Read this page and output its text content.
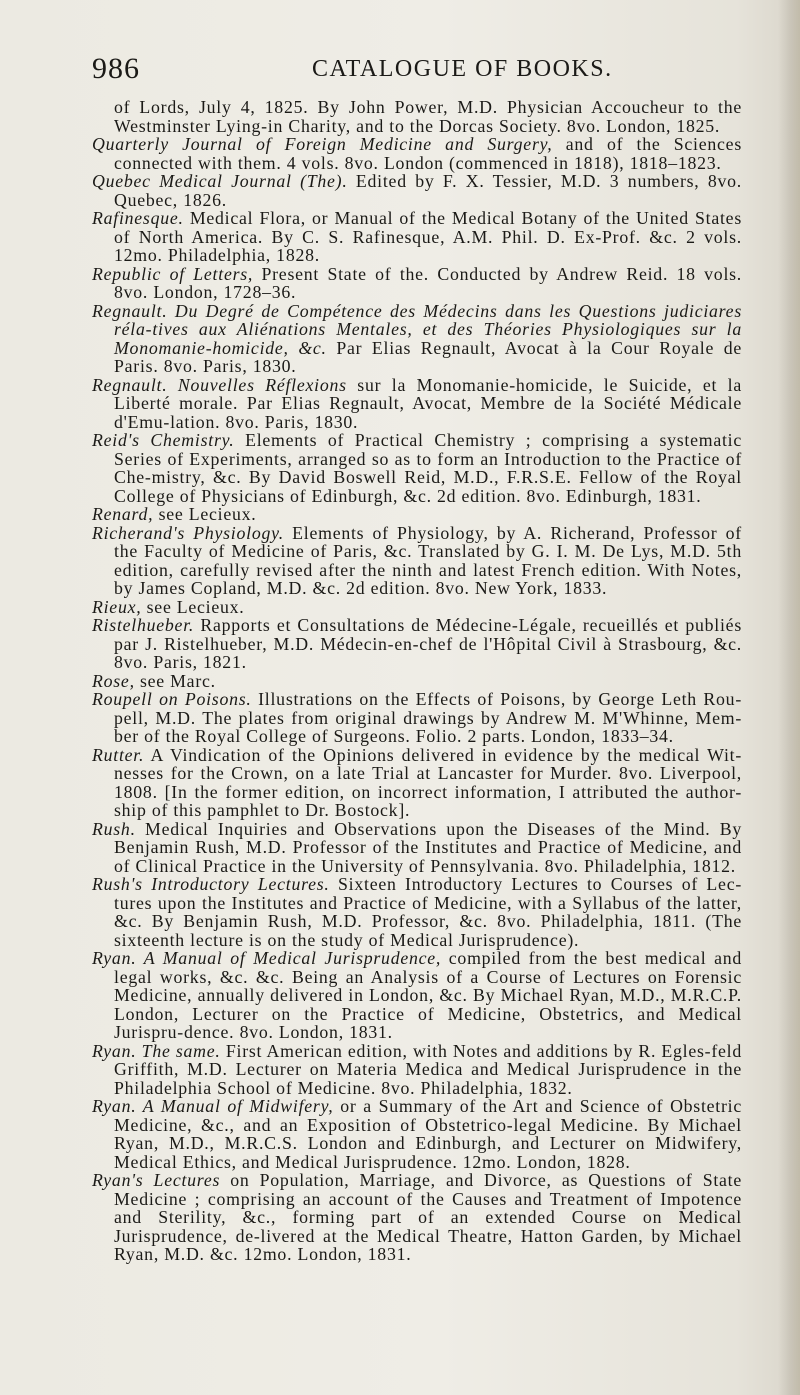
986	CATALOGUE OF BOOKS.

of Lords, July 4, 1825. By John Power, M.D. Physician Accoucheur to the Westminster Lying-in Charity, and to the Dorcas Society. 8vo. London, 1825.

Quarterly Journal of Foreign Medicine and Surgery, and of the Sciences connected with them. 4 vols. 8vo. London (commenced in 1818), 1818–1823.

Quebec Medical Journal (The). Edited by F. X. Tessier, M.D. 3 numbers, 8vo. Quebec, 1826.

Rafinesque. Medical Flora, or Manual of the Medical Botany of the United States of North America. By C. S. Rafinesque, A.M. Phil. D. Ex-Prof. &c. 2 vols. 12mo. Philadelphia, 1828.

Republic of Letters, Present State of the. Conducted by Andrew Reid. 18 vols. 8vo. London, 1728–36.

Regnault. Du Degré de Compétence des Médecins dans les Questions judiciares réla-tives aux Aliénations Mentales, et des Théories Physiologiques sur la Monomanie-homicide, &c. Par Elias Regnault, Avocat à la Cour Royale de Paris. 8vo. Paris, 1830.

Regnault. Nouvelles Réflexions sur la Monomanie-homicide, le Suicide, et la Liberté morale. Par Elias Regnault, Avocat, Membre de la Société Médicale d'Emu-lation. 8vo. Paris, 1830.

Reid's Chemistry. Elements of Practical Chemistry ; comprising a systematic Series of Experiments, arranged so as to form an Introduction to the Practice of Che-mistry, &c. By David Boswell Reid, M.D., F.R.S.E. Fellow of the Royal College of Physicians of Edinburgh, &c. 2d edition. 8vo. Edinburgh, 1831.

Renard, see Lecieux.

Richerand's Physiology. Elements of Physiology, by A. Richerand, Professor of the Faculty of Medicine of Paris, &c. Translated by G. I. M. De Lys, M.D. 5th edition, carefully revised after the ninth and latest French edition. With Notes, by James Copland, M.D. &c. 2d edition. 8vo. New York, 1833.

Rieux, see Lecieux.

Ristelhueber. Rapports et Consultations de Médecine-Légale, recueillés et publiés par J. Ristelhueber, M.D. Médecin-en-chef de l'Hôpital Civil à Strasbourg, &c. 8vo. Paris, 1821.

Rose, see Marc.

Roupell on Poisons. Illustrations on the Effects of Poisons, by George Leth Rou-pell, M.D. The plates from original drawings by Andrew M. M'Whinne, Mem-ber of the Royal College of Surgeons. Folio. 2 parts. London, 1833–34.

Rutter. A Vindication of the Opinions delivered in evidence by the medical Wit-nesses for the Crown, on a late Trial at Lancaster for Murder. 8vo. Liverpool, 1808. [In the former edition, on incorrect information, I attributed the author-ship of this pamphlet to Dr. Bostock].

Rush. Medical Inquiries and Observations upon the Diseases of the Mind. By Benjamin Rush, M.D. Professor of the Institutes and Practice of Medicine, and of Clinical Practice in the University of Pennsylvania. 8vo. Philadelphia, 1812.

Rush's Introductory Lectures. Sixteen Introductory Lectures to Courses of Lec-tures upon the Institutes and Practice of Medicine, with a Syllabus of the latter, &c. By Benjamin Rush, M.D. Professor, &c. 8vo. Philadelphia, 1811. (The sixteenth lecture is on the study of Medical Jurisprudence).

Ryan. A Manual of Medical Jurisprudence, compiled from the best medical and legal works, &c. &c. Being an Analysis of a Course of Lectures on Forensic Medicine, annually delivered in London, &c. By Michael Ryan, M.D., M.R.C.P. London, Lecturer on the Practice of Medicine, Obstetrics, and Medical Jurispru-dence. 8vo. London, 1831.

Ryan. The same. First American edition, with Notes and additions by R. Egles-feld Griffith, M.D. Lecturer on Materia Medica and Medical Jurisprudence in the Philadelphia School of Medicine. 8vo. Philadelphia, 1832.

Ryan. A Manual of Midwifery, or a Summary of the Art and Science of Obstetric Medicine, &c., and an Exposition of Obstetrico-legal Medicine. By Michael Ryan, M.D., M.R.C.S. London and Edinburgh, and Lecturer on Midwifery, Medical Ethics, and Medical Jurisprudence. 12mo. London, 1828.

Ryan's Lectures on Population, Marriage, and Divorce, as Questions of State Medicine ; comprising an account of the Causes and Treatment of Impotence and Sterility, &c., forming part of an extended Course on Medical Jurisprudence, de-livered at the Medical Theatre, Hatton Garden, by Michael Ryan, M.D. &c. 12mo. London, 1831.
